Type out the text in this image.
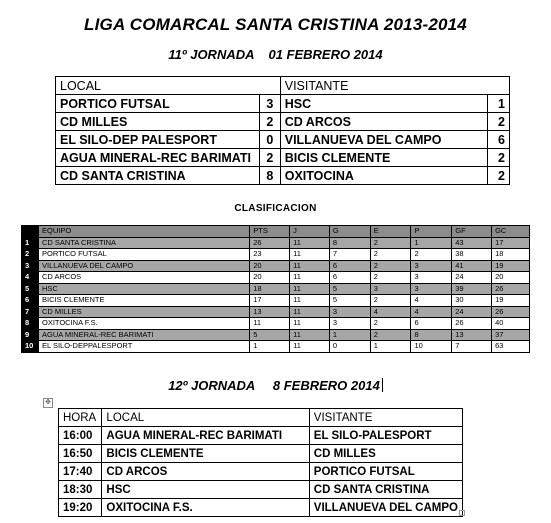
LIGA COMARCAL SANTA CRISTINA 2013-2014
11º JORNADA    01 FEBRERO 2014
LOCAL		VISITANTE	
PORTICO FUTSAL	3	HSC	1
CD MILLES	2	CD ARCOS	2
EL SILO-DEP PALESPORT	0	VILLANUEVA DEL CAMPO	6
AGUA MINERAL-REC BARIMATI	2	BICIS CLEMENTE	2
CD SANTA CRISTINA	8	OXITOCINA	2
CLASIFICACION
	EQUIPO	PTS	J	G	E	P	GF	GC
1	CD SANTA CRISTINA	26	11	8	2	1	43	17
2	PORTICO FUTSAL	23	11	7	2	2	38	18
3	VILLANUEVA DEL CAMPO	20	11	6	2	3	41	19
4	CD ARCOS	20	11	6	2	3	24	20
5	HSC	18	11	5	3	3	39	26
6	BICIS CLEMENTE	17	11	5	2	4	30	19
7	CD MILLES	13	11	3	4	4	24	26
8	OXITOCINA F.S.	11	11	3	2	6	26	40
9	AGUA MINERAL-REC BARIMATI	5	11	1	2	8	13	37
10	EL SILO-DEPPALESPORT	1	11	0	1	10	7	63
12º JORNADA     8 FEBRERO 2014
✥
HORA	LOCAL	VISITANTE
16:00	AGUA MINERAL-REC BARIMATI	EL SILO-PALESPORT
16:50	BICIS CLEMENTE	CD MILLES
17:40	CD ARCOS	PORTICO FUTSAL
18:30	HSC	CD SANTA CRISTINA
19:20	OXITOCINA F.S.	VILLANUEVA DEL CAMPO
